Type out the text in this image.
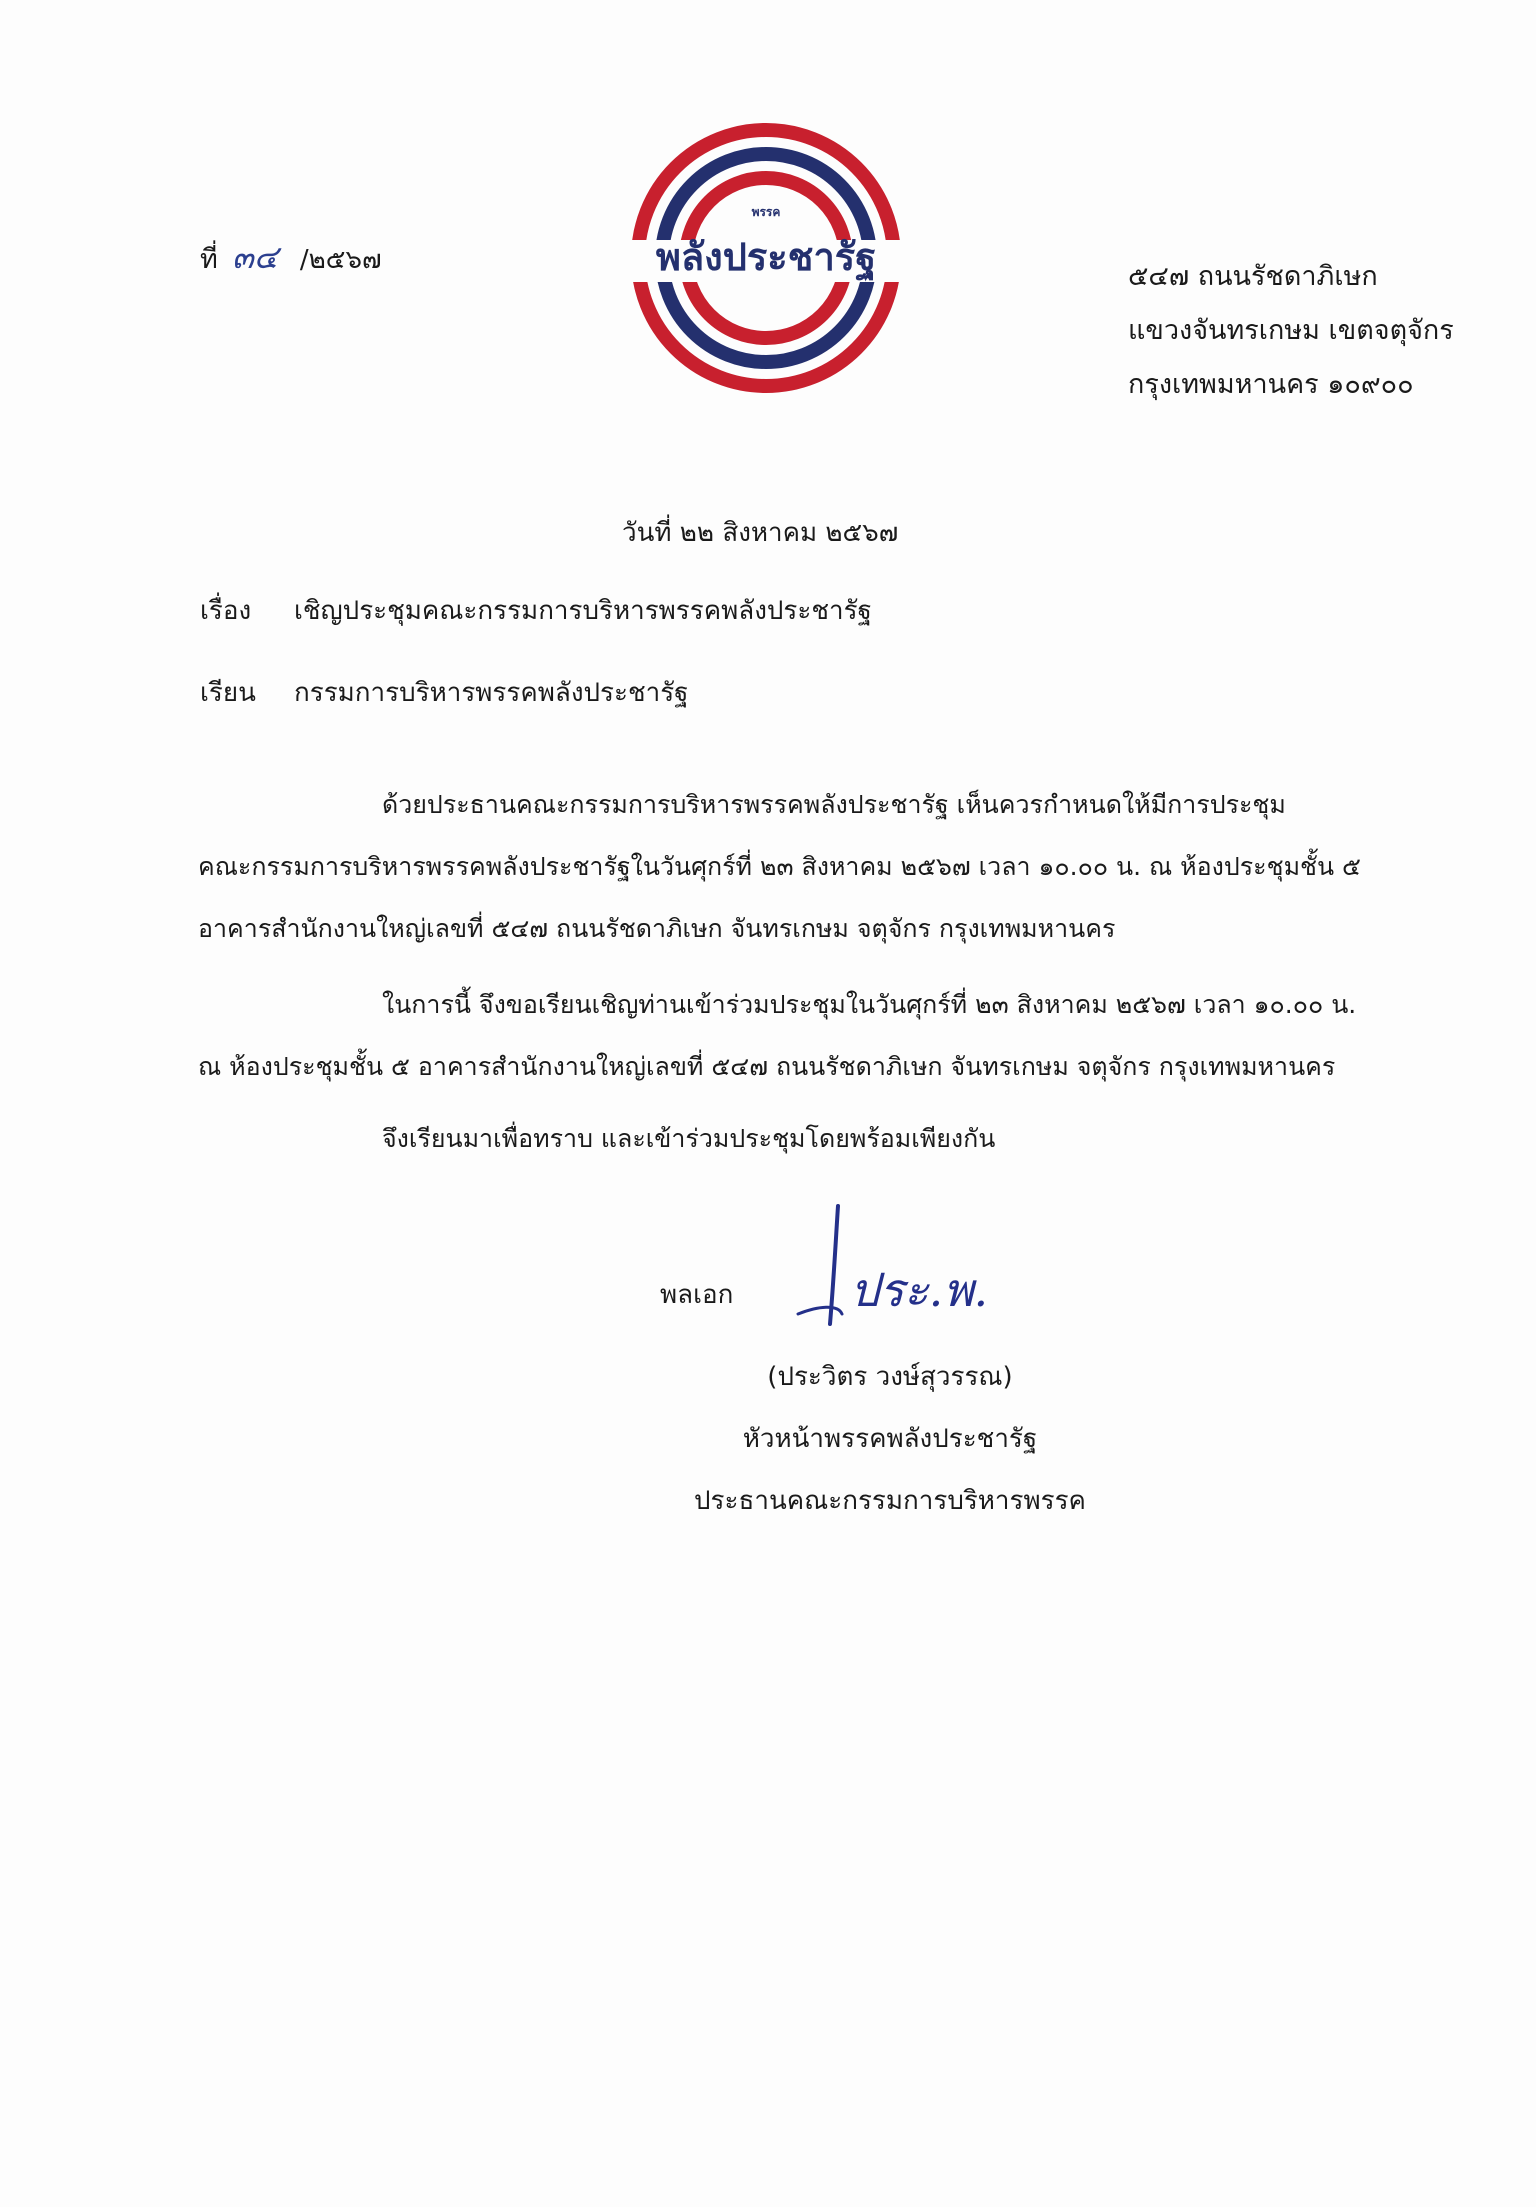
ที่ ๓๔ /๒๕๖๗
พรรค
พลังประชารัฐ	๕๔๗ ถนนรัชดาภิเษก
แขวงจันทรเกษม เขตจตุจักร
กรุงเทพมหานคร ๑๐๙๐๐
วันที่ ๒๒ สิงหาคม ๒๕๖๗
เรื่อง	เชิญประชุมคณะกรรมการบริหารพรรคพลังประชารัฐ
เรียน	กรรมการบริหารพรรคพลังประชารัฐ
ด้วยประธานคณะกรรมการบริหารพรรคพลังประชารัฐ เห็นควรกำหนดให้มีการประชุม
คณะกรรมการบริหารพรรคพลังประชารัฐในวันศุกร์ที่ ๒๓ สิงหาคม ๒๕๖๗ เวลา ๑๐.๐๐ น. ณ ห้องประชุมชั้น ๕
อาคารสำนักงานใหญ่เลขที่ ๕๔๗ ถนนรัชดาภิเษก จันทรเกษม จตุจักร กรุงเทพมหานคร
ในการนี้ จึงขอเรียนเชิญท่านเข้าร่วมประชุมในวันศุกร์ที่ ๒๓ สิงหาคม ๒๕๖๗ เวลา ๑๐.๐๐ น.
ณ ห้องประชุมชั้น ๕ อาคารสำนักงานใหญ่เลขที่ ๕๔๗ ถนนรัชดาภิเษก จันทรเกษม จตุจักร กรุงเทพมหานคร
จึงเรียนมาเพื่อทราบ และเข้าร่วมประชุมโดยพร้อมเพียงกัน
พลเอก	ประ.พ.
(ประวิตร วงษ์สุวรรณ)
หัวหน้าพรรคพลังประชารัฐ
ประธานคณะกรรมการบริหารพรรค
